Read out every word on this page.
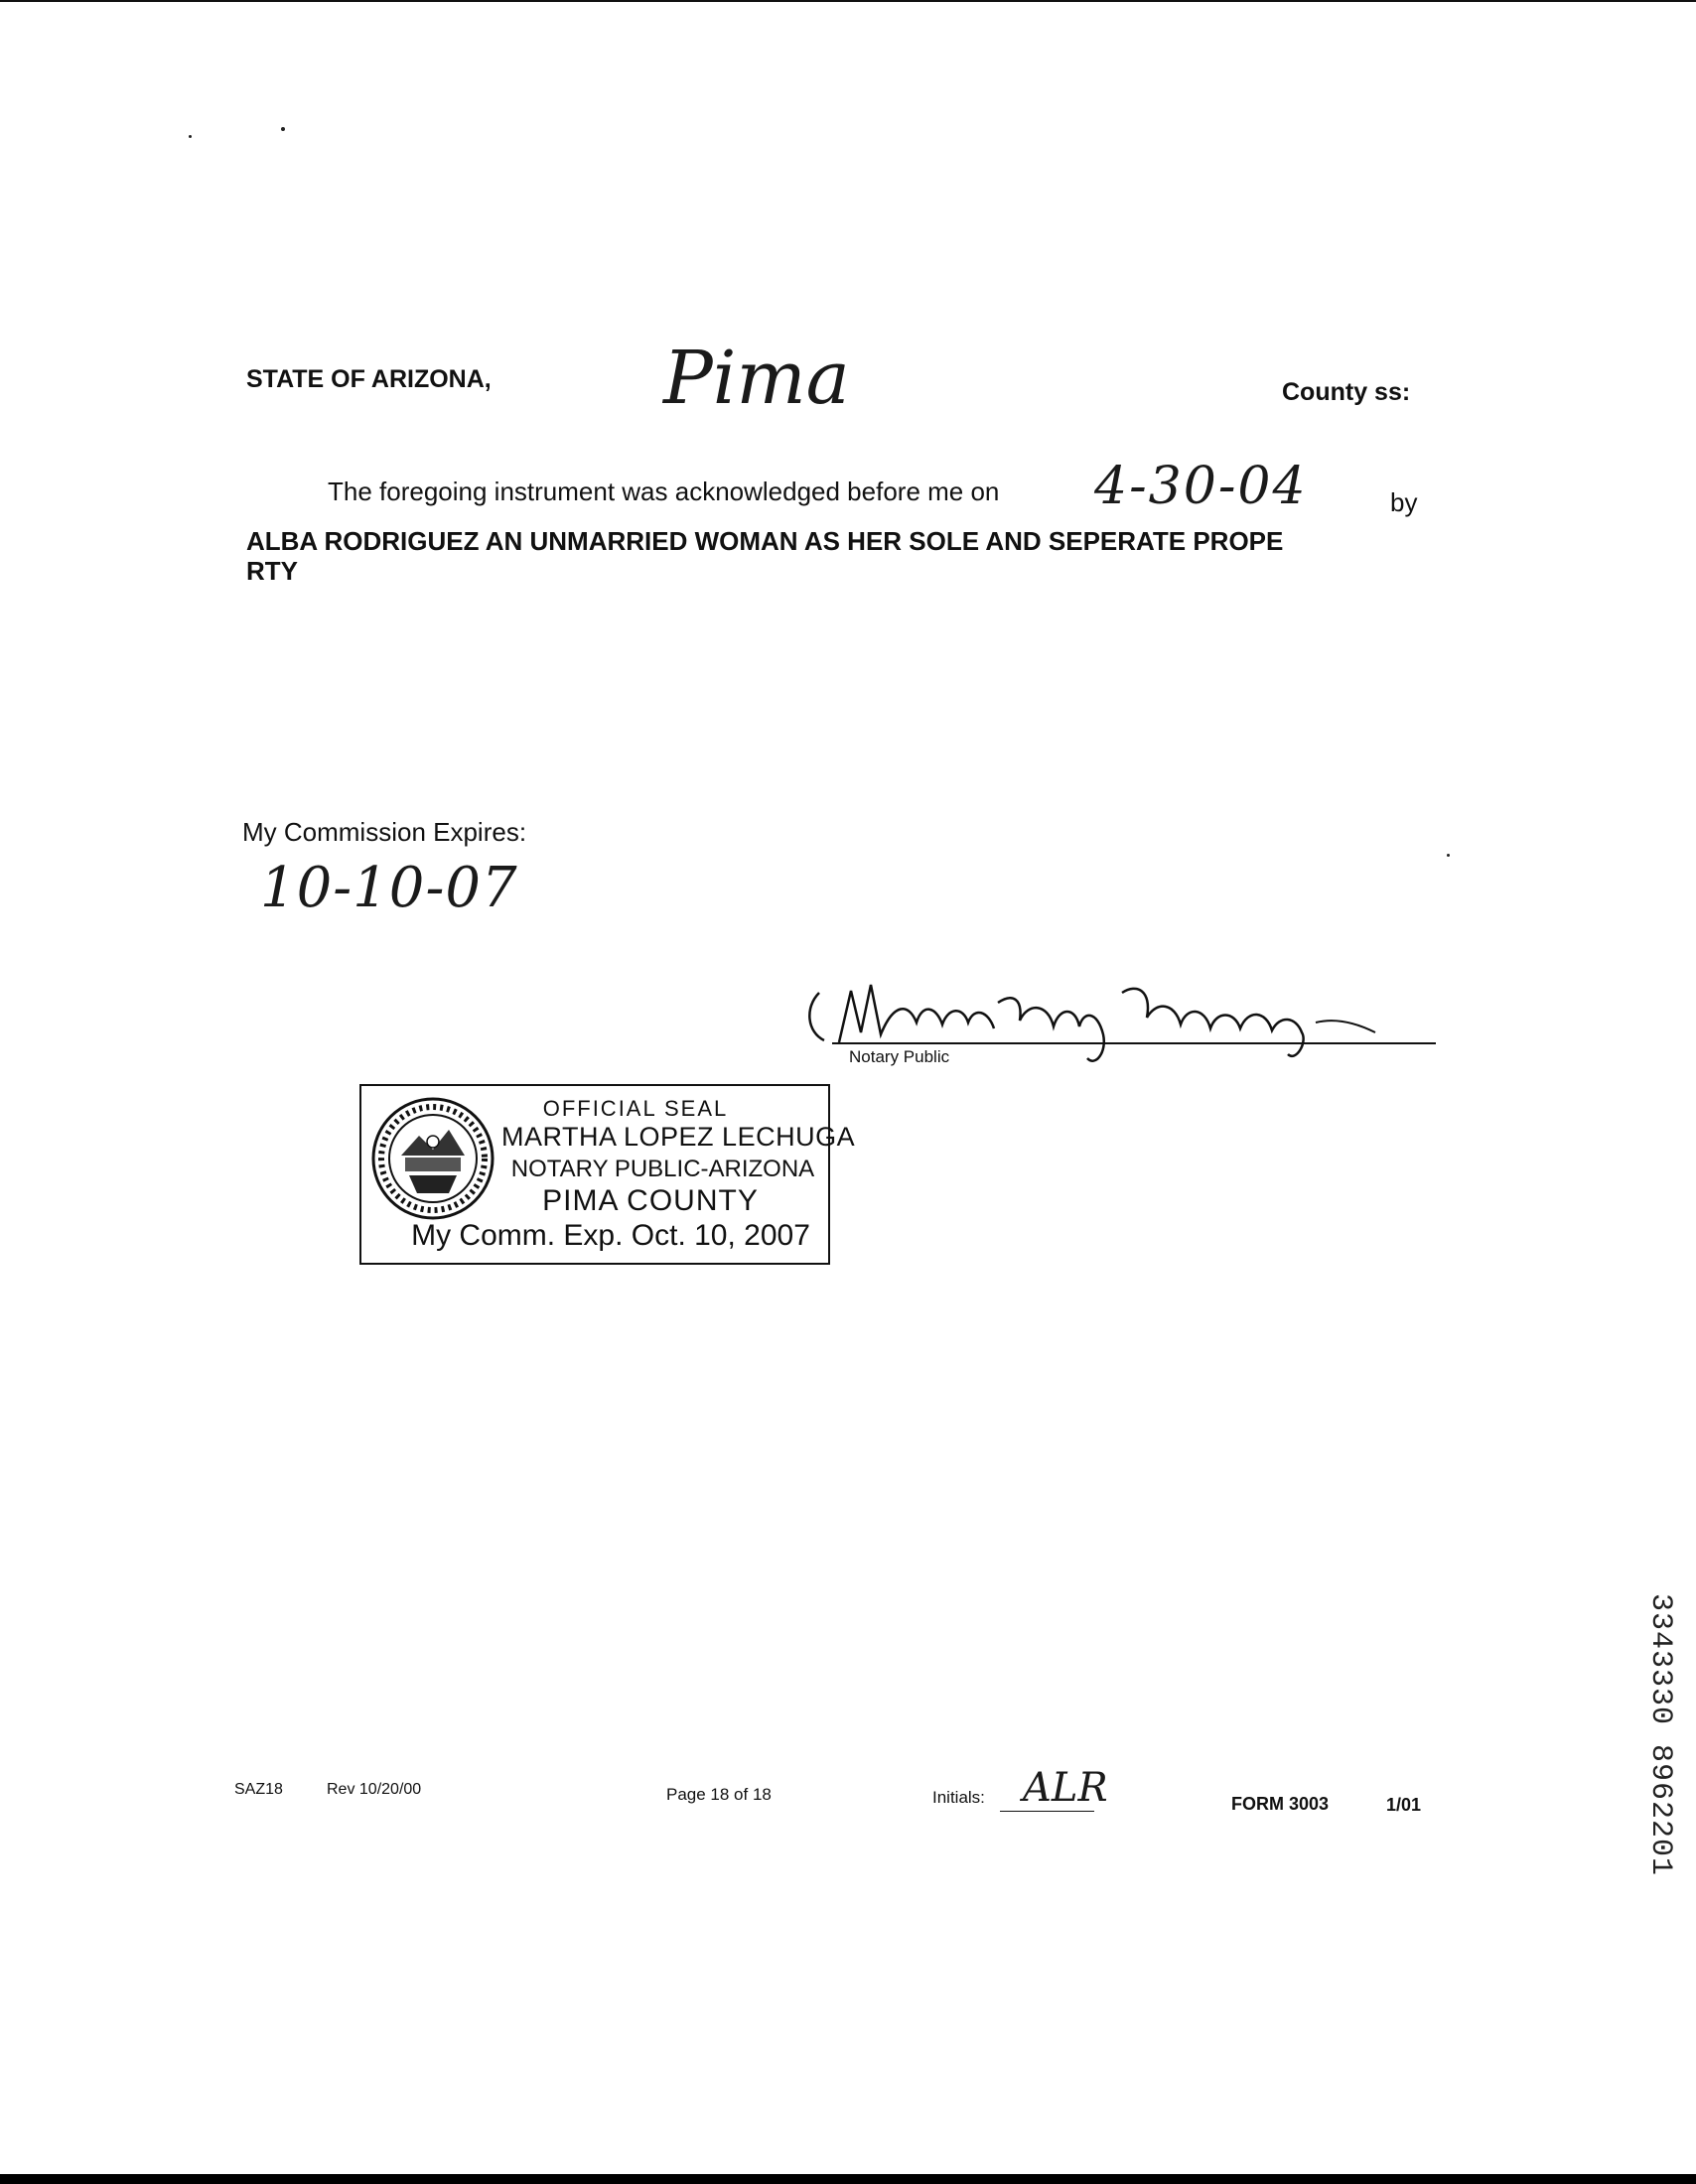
STATE OF ARIZONA, Pima	County ss:
The foregoing instrument was acknowledged before me on 4-30-04	by
ALBA RODRIGUEZ AN UNMARRIED WOMAN AS HER SOLE AND SEPERATE PROPE
RTY
My Commission Expires:
10-10-07
Notary Public
OFFICIAL SEAL
MARTHA LOPEZ LECHUGA
NOTARY PUBLIC-ARIZONA
PIMA COUNTY
My Comm. Exp. Oct. 10, 2007
3343330 8962201
SAZ18	Rev 10/20/00	Page 18 of 18	Initials: ALR	FORM 3003	1/01
